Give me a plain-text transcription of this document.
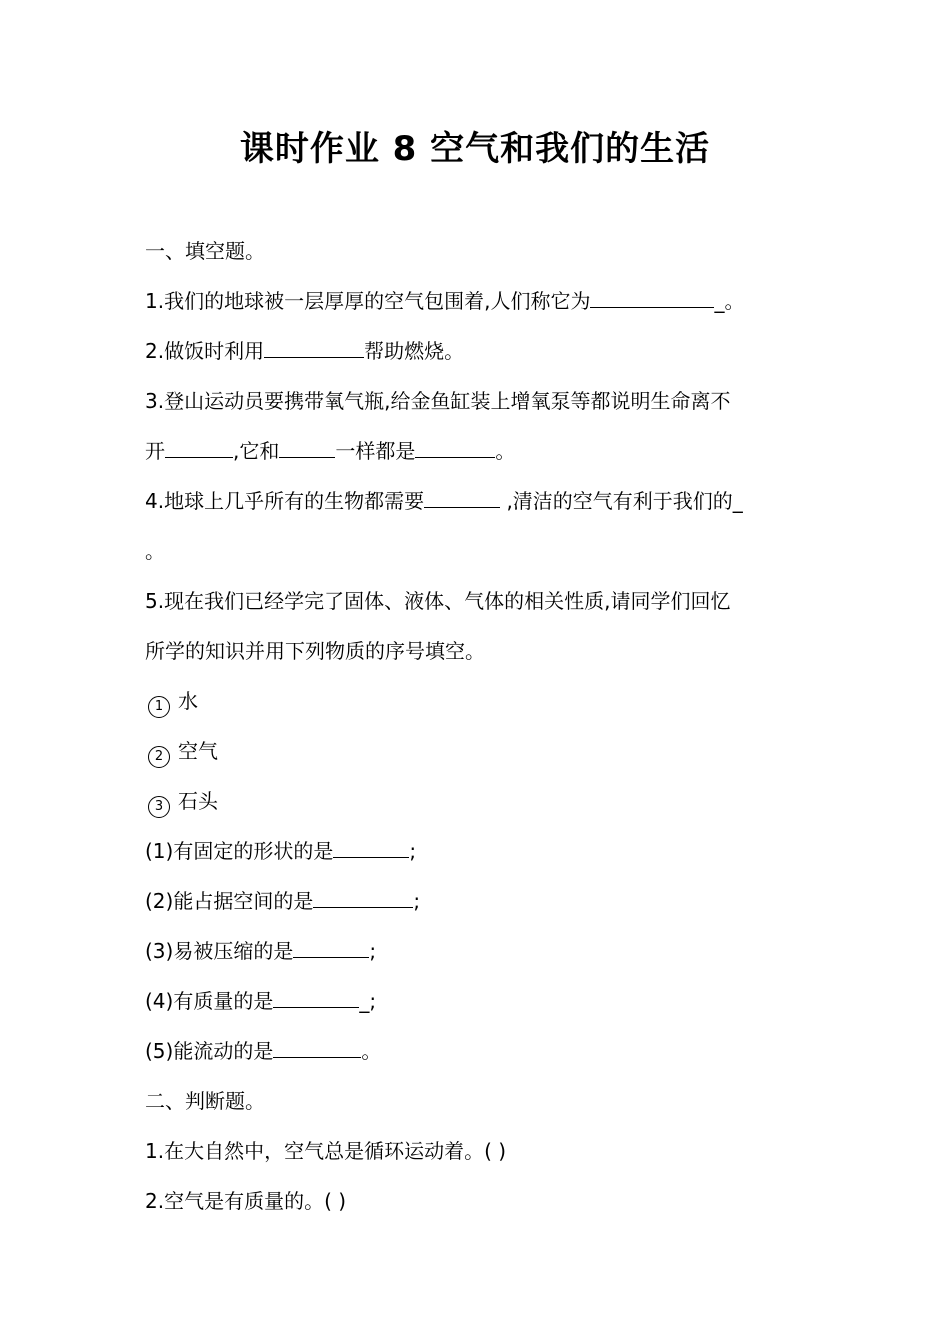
课时作业 8 空气和我们的生活
一、填空题。
1.我们的地球被一层厚厚的空气包围着,人们称它为	_。
2.做饭时利用	帮助燃烧。
3.登山运动员要携带氧气瓶,给金鱼缸装上增氧泵等都说明生命离不
开	,它和	一样都是	。
4.地球上几乎所有的生物都需要	,清洁的空气有利于我们的_
。
5.现在我们已经学完了固体、液体、气体的相关性质,请同学们回忆
所学的知识并用下列物质的序号填空。
1 水
2 空气
3 石头
(1)有固定的形状的是	;
(2)能占据空间的是	;
(3)易被压缩的是	;
(4)有质量的是	_;
(5)能流动的是	。
二、判断题。
1.在大自然中，空气总是循环运动着。( )
2.空气是有质量的。( )
